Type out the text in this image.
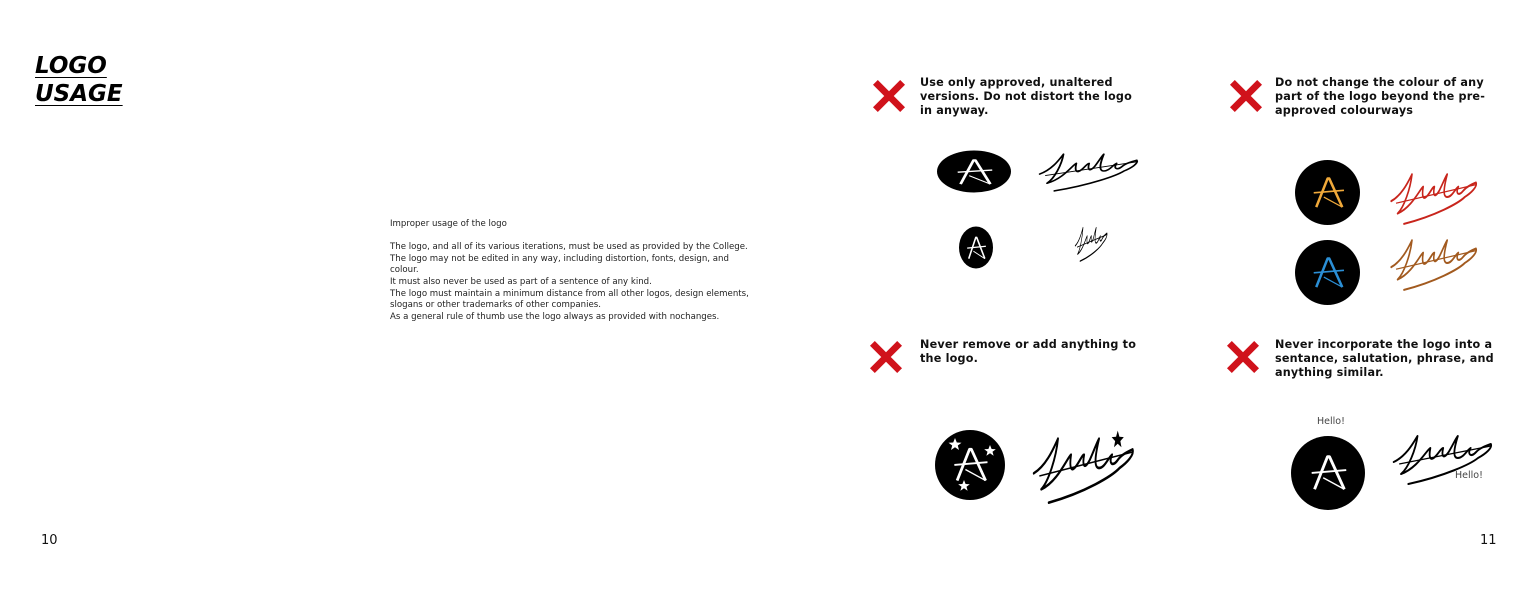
LOGO
USAGE
Improper usage of the logo
The logo, and all of its various iterations, must be used as provided by the College.
The logo may not be edited in any way, including distortion, fonts, design, and colour.
It must also never be used as part of a sentence of any kind.
The logo must maintain a minimum distance from all other logos, design elements,
slogans or other trademarks of other companies.
As a general rule of thumb use the logo always as provided with nochanges.
10	11
Use only approved, unaltered versions. Do not distort the logo in anyway.
Do not change the colour of any part of the logo beyond the pre-approved colourways
Never remove or add anything to the logo.
Never incorporate the logo into a sentance, salutation, phrase, and anything similar.
Hello!
Hello!
